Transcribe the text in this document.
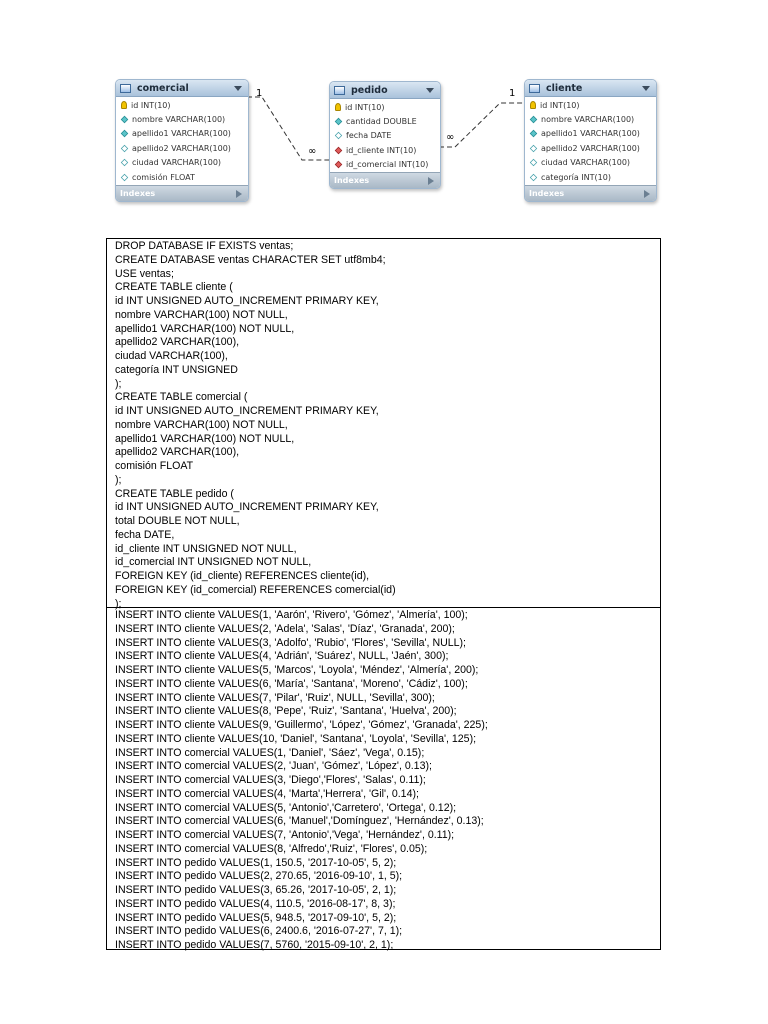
1
∞
∞
1
comercial
id INT(10)
nombre VARCHAR(100)
apellido1 VARCHAR(100)
apellido2 VARCHAR(100)
ciudad VARCHAR(100)
comisión FLOAT
Indexes
pedido
id INT(10)
cantidad DOUBLE
fecha DATE
id_cliente INT(10)
id_comercial INT(10)
Indexes
cliente
id INT(10)
nombre VARCHAR(100)
apellido1 VARCHAR(100)
apellido2 VARCHAR(100)
ciudad VARCHAR(100)
categoría INT(10)
Indexes
DROP DATABASE IF EXISTS ventas;
CREATE DATABASE ventas CHARACTER SET utf8mb4;
USE ventas;
CREATE TABLE cliente (
id INT UNSIGNED AUTO_INCREMENT PRIMARY KEY,
nombre VARCHAR(100) NOT NULL,
apellido1 VARCHAR(100) NOT NULL,
apellido2 VARCHAR(100),
ciudad VARCHAR(100),
categoría INT UNSIGNED
);
CREATE TABLE comercial (
id INT UNSIGNED AUTO_INCREMENT PRIMARY KEY,
nombre VARCHAR(100) NOT NULL,
apellido1 VARCHAR(100) NOT NULL,
apellido2 VARCHAR(100),
comisión FLOAT
);
CREATE TABLE pedido (
id INT UNSIGNED AUTO_INCREMENT PRIMARY KEY,
total DOUBLE NOT NULL,
fecha DATE,
id_cliente INT UNSIGNED NOT NULL,
id_comercial INT UNSIGNED NOT NULL,
FOREIGN KEY (id_cliente) REFERENCES cliente(id),
FOREIGN KEY (id_comercial) REFERENCES comercial(id)
);
INSERT INTO cliente VALUES(1, 'Aarón', 'Rivero', 'Gómez', 'Almería', 100);
INSERT INTO cliente VALUES(2, 'Adela', 'Salas', 'Díaz', 'Granada', 200);
INSERT INTO cliente VALUES(3, 'Adolfo', 'Rubio', 'Flores', 'Sevilla', NULL);
INSERT INTO cliente VALUES(4, 'Adrián', 'Suárez', NULL, 'Jaén', 300);
INSERT INTO cliente VALUES(5, 'Marcos', 'Loyola', 'Méndez', 'Almería', 200);
INSERT INTO cliente VALUES(6, 'María', 'Santana', 'Moreno', 'Cádiz', 100);
INSERT INTO cliente VALUES(7, 'Pilar', 'Ruiz', NULL, 'Sevilla', 300);
INSERT INTO cliente VALUES(8, 'Pepe', 'Ruiz', 'Santana', 'Huelva', 200);
INSERT INTO cliente VALUES(9, 'Guillermo', 'López', 'Gómez', 'Granada', 225);
INSERT INTO cliente VALUES(10, 'Daniel', 'Santana', 'Loyola', 'Sevilla', 125);
INSERT INTO comercial VALUES(1, 'Daniel', 'Sáez', 'Vega', 0.15);
INSERT INTO comercial VALUES(2, 'Juan', 'Gómez', 'López', 0.13);
INSERT INTO comercial VALUES(3, 'Diego','Flores', 'Salas', 0.11);
INSERT INTO comercial VALUES(4, 'Marta','Herrera', 'Gil', 0.14);
INSERT INTO comercial VALUES(5, 'Antonio','Carretero', 'Ortega', 0.12);
INSERT INTO comercial VALUES(6, 'Manuel','Domínguez', 'Hernández', 0.13);
INSERT INTO comercial VALUES(7, 'Antonio','Vega', 'Hernández', 0.11);
INSERT INTO comercial VALUES(8, 'Alfredo','Ruiz', 'Flores', 0.05);
INSERT INTO pedido VALUES(1, 150.5, '2017-10-05', 5, 2);
INSERT INTO pedido VALUES(2, 270.65, '2016-09-10', 1, 5);
INSERT INTO pedido VALUES(3, 65.26, '2017-10-05', 2, 1);
INSERT INTO pedido VALUES(4, 110.5, '2016-08-17', 8, 3);
INSERT INTO pedido VALUES(5, 948.5, '2017-09-10', 5, 2);
INSERT INTO pedido VALUES(6, 2400.6, '2016-07-27', 7, 1);
INSERT INTO pedido VALUES(7, 5760, '2015-09-10', 2, 1);
